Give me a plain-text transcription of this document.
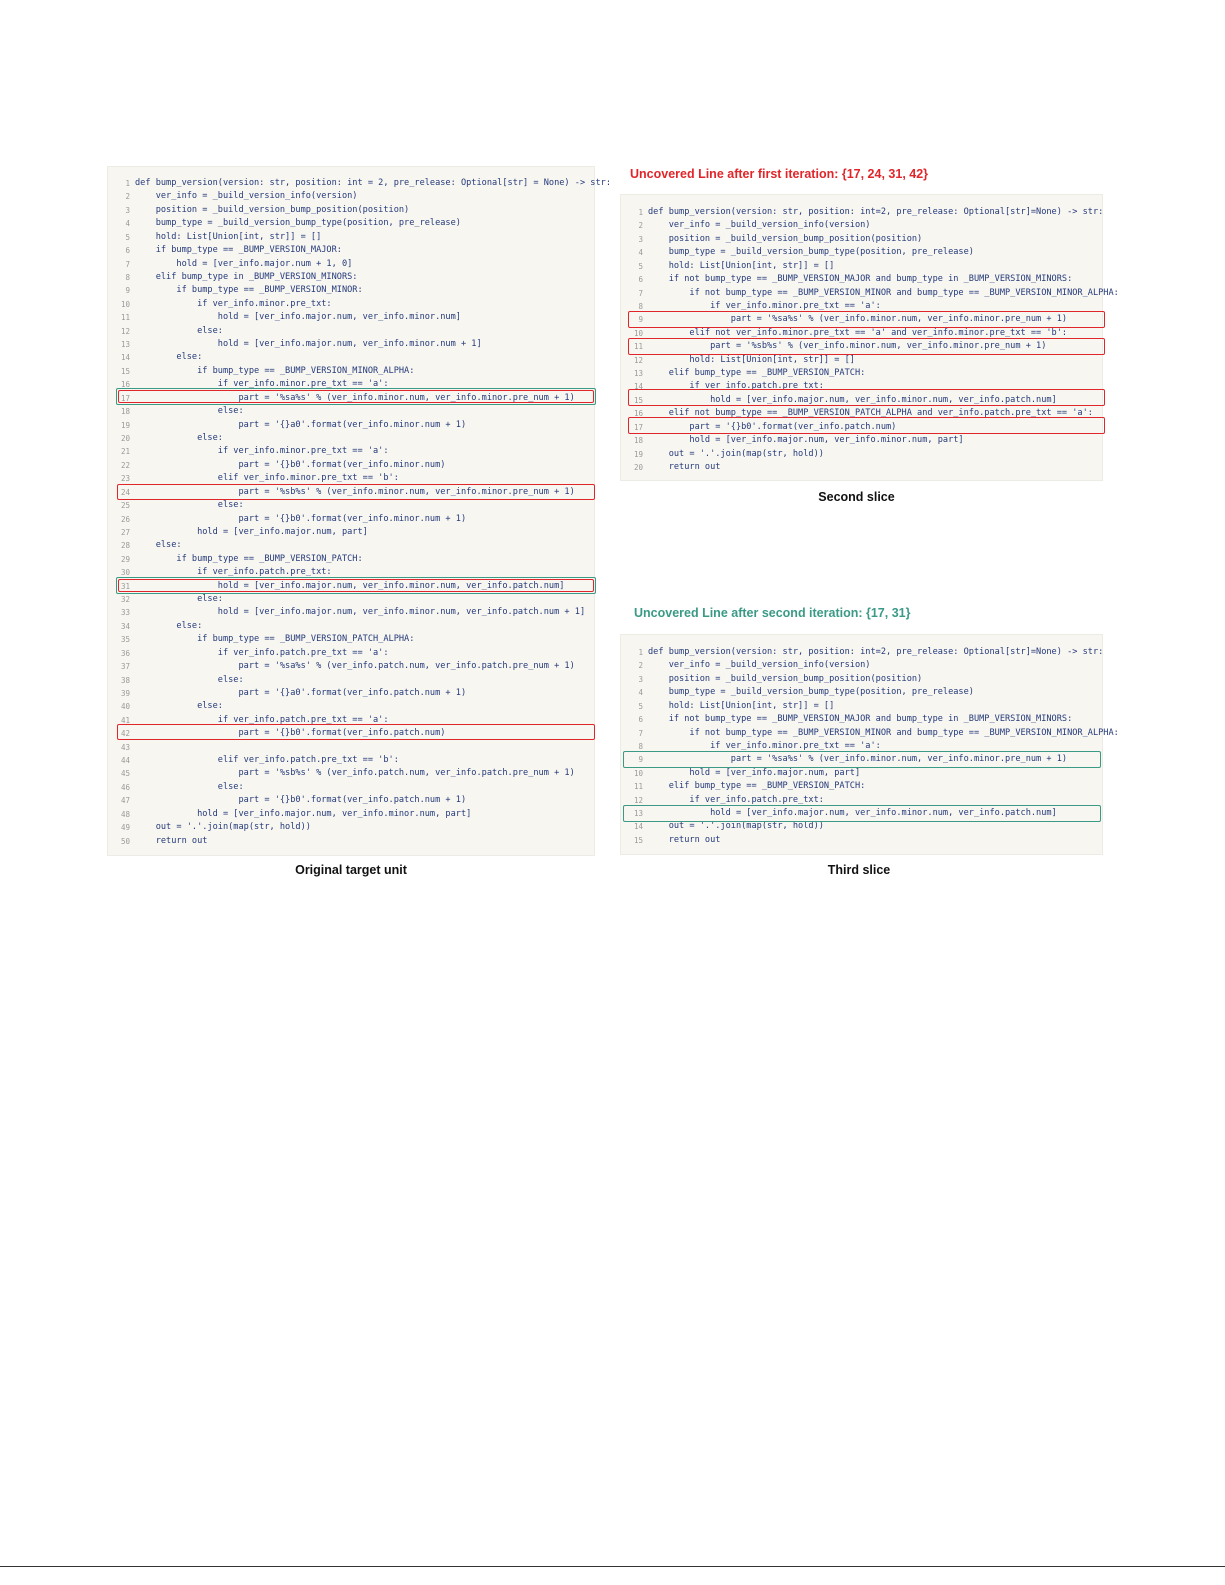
1 def bump_version(version: str, position: int = 2, pre_release: Optional[str] = None) -> str:
2 ver_info = _build_version_info(version)
3 position = _build_version_bump_position(position)
4 bump_type = _build_version_bump_type(position, pre_release)
5 hold: List[Union[int, str]] = []
6 if bump_type == _BUMP_VERSION_MAJOR:
7 hold = [ver_info.major.num + 1, 0]
8 elif bump_type in _BUMP_VERSION_MINORS:
9 if bump_type == _BUMP_VERSION_MINOR:
10 if ver_info.minor.pre_txt:
11 hold = [ver_info.major.num, ver_info.minor.num]
12 else:
13 hold = [ver_info.major.num, ver_info.minor.num + 1]
14 else:
15 if bump_type == _BUMP_VERSION_MINOR_ALPHA:
16 if ver_info.minor.pre_txt == 'a':
17 part = '%sa%s' % (ver_info.minor.num, ver_info.minor.pre_num + 1)
18 else:
19 part = '{}a0'.format(ver_info.minor.num + 1)
20 else:
21 if ver_info.minor.pre_txt == 'a':
22 part = '{}b0'.format(ver_info.minor.num)
23 elif ver_info.minor.pre_txt == 'b':
24 part = '%sb%s' % (ver_info.minor.num, ver_info.minor.pre_num + 1)
25 else:
26 part = '{}b0'.format(ver_info.minor.num + 1)
27 hold = [ver_info.major.num, part]
28 else:
29 if bump_type == _BUMP_VERSION_PATCH:
30 if ver_info.patch.pre_txt:
31 hold = [ver_info.major.num, ver_info.minor.num, ver_info.patch.num]
32 else:
33 hold = [ver_info.major.num, ver_info.minor.num, ver_info.patch.num + 1]
34 else:
35 if bump_type == _BUMP_VERSION_PATCH_ALPHA:
36 if ver_info.patch.pre_txt == 'a':
37 part = '%sa%s' % (ver_info.patch.num, ver_info.patch.pre_num + 1)
38 else:
39 part = '{}a0'.format(ver_info.patch.num + 1)
40 else:
41 if ver_info.patch.pre_txt == 'a':
42 part = '{}b0'.format(ver_info.patch.num)
43
44 elif ver_info.patch.pre_txt == 'b':
45 part = '%sb%s' % (ver_info.patch.num, ver_info.patch.pre_num + 1)
46 else:
47 part = '{}b0'.format(ver_info.patch.num + 1)
48 hold = [ver_info.major.num, ver_info.minor.num, part]
49 out = '.'.join(map(str, hold))
50 return out
Original target unit
Uncovered Line after first iteration: {17, 24, 31, 42}
1 def bump_version(version: str, position: int=2, pre_release: Optional[str]=None) -> str:
2 ver_info = _build_version_info(version)
3 position = _build_version_bump_position(position)
4 bump_type = _build_version_bump_type(position, pre_release)
5 hold: List[Union[int, str]] = []
6 if not bump_type == _BUMP_VERSION_MAJOR and bump_type in _BUMP_VERSION_MINORS:
7 if not bump_type == _BUMP_VERSION_MINOR and bump_type == _BUMP_VERSION_MINOR_ALPHA:
8 if ver_info.minor.pre_txt == 'a':
9 part = '%sa%s' % (ver_info.minor.num, ver_info.minor.pre_num + 1)
10 elif not ver_info.minor.pre_txt == 'a' and ver_info.minor.pre_txt == 'b':
11 part = '%sb%s' % (ver_info.minor.num, ver_info.minor.pre_num + 1)
12 hold: List[Union[int, str]] = []
13 elif bump_type == _BUMP_VERSION_PATCH:
14 if ver_info.patch.pre_txt:
15 hold = [ver_info.major.num, ver_info.minor.num, ver_info.patch.num]
16 elif not bump_type == _BUMP_VERSION_PATCH_ALPHA and ver_info.patch.pre_txt == 'a':
17 part = '{}b0'.format(ver_info.patch.num)
18 hold = [ver_info.major.num, ver_info.minor.num, part]
19 out = '.'.join(map(str, hold))
20 return out
Second slice
Uncovered Line after second iteration: {17, 31}
1 def bump_version(version: str, position: int=2, pre_release: Optional[str]=None) -> str:
2 ver_info = _build_version_info(version)
3 position = _build_version_bump_position(position)
4 bump_type = _build_version_bump_type(position, pre_release)
5 hold: List[Union[int, str]] = []
6 if not bump_type == _BUMP_VERSION_MAJOR and bump_type in _BUMP_VERSION_MINORS:
7 if not bump_type == _BUMP_VERSION_MINOR and bump_type == _BUMP_VERSION_MINOR_ALPHA:
8 if ver_info.minor.pre_txt == 'a':
9 part = '%sa%s' % (ver_info.minor.num, ver_info.minor.pre_num + 1)
10 hold = [ver_info.major.num, part]
11 elif bump_type == _BUMP_VERSION_PATCH:
12 if ver_info.patch.pre_txt:
13 hold = [ver_info.major.num, ver_info.minor.num, ver_info.patch.num]
14 out = '.'.join(map(str, hold))
15 return out
Third slice
